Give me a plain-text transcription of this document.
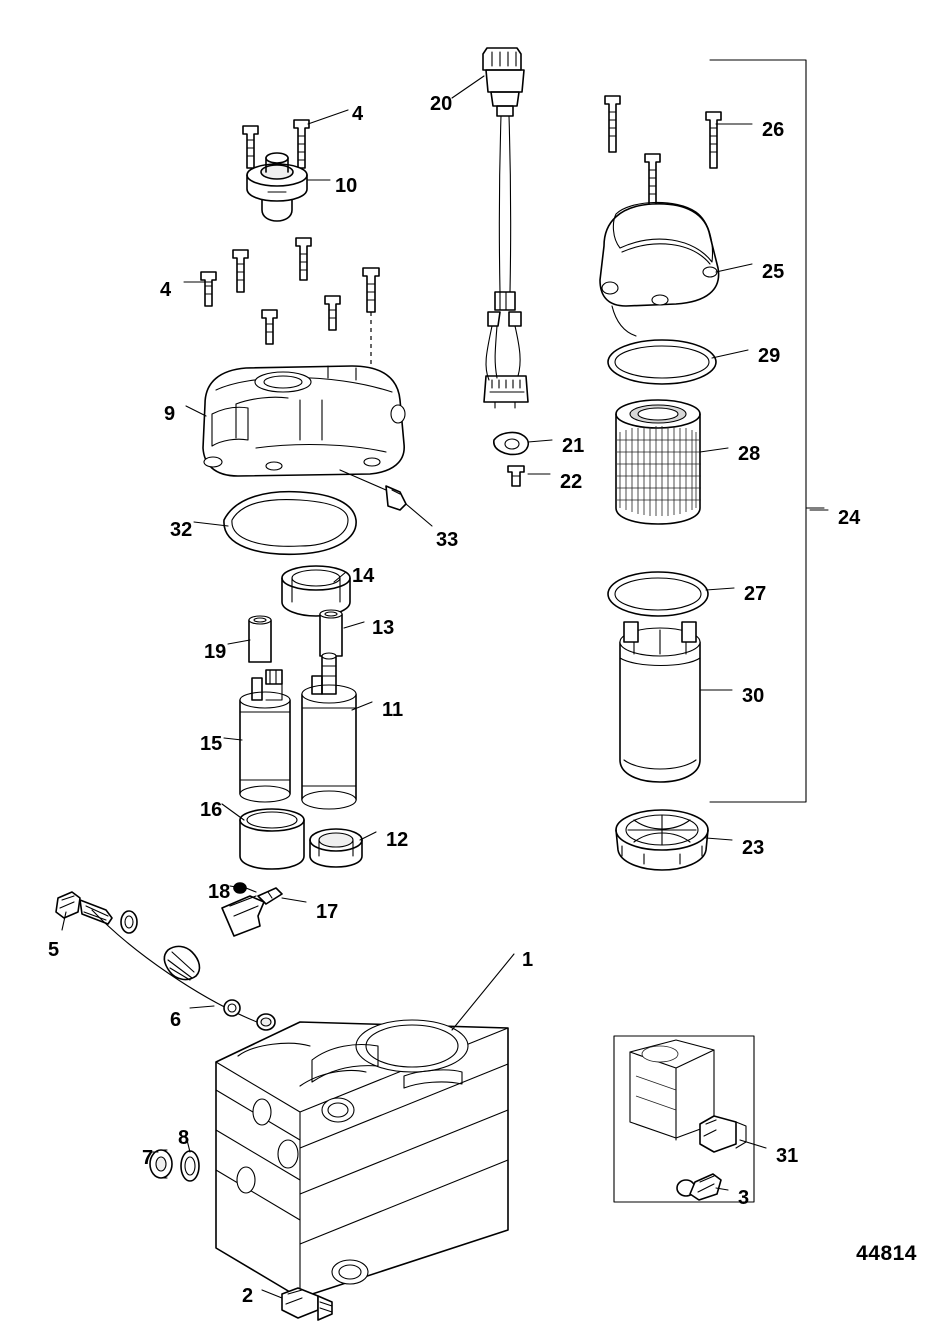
4	20
26
10
25
4
29
9
28
21
22
24
32	33
27
14
13
19
30
11
15
16
12	23
18
17
5	1
6
31
8
7
3
2
44814
